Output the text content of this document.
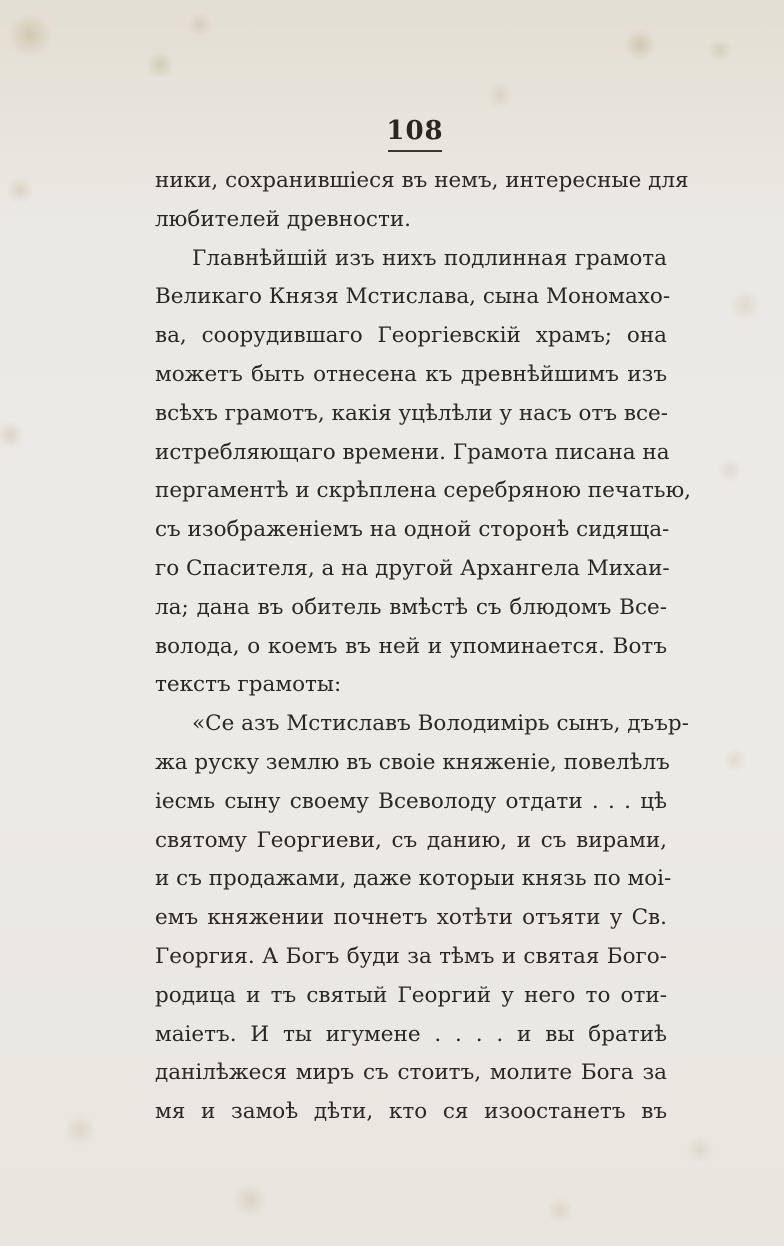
108
ники, сохранившіеся въ немъ, интересные для
любителей древности.
Главнѣйшій изъ нихъ подлинная грамота
Великаго Князя Мстислава, сына Мономахо-
ва, соорудившаго Георгіевскій храмъ; она
можетъ быть отнесена къ древнѣйшимъ изъ
всѣхъ грамотъ, какія уцѣлѣли у насъ отъ все-
истребляющаго времени. Грамота писана на
пергаментѣ и скрѣплена серебряною печатью,
съ изображеніемъ на одной сторонѣ сидяща-
го Спасителя, а на другой Архангела Михаи-
ла; дана въ обитель вмѣстѣ съ блюдомъ Все-
волода, о коемъ въ ней и упоминается. Вотъ
текстъ грамоты:
«Се азъ Мстиславъ Володимірь сынъ, дъър-
жа руску землю въ своіе княженіе, повелѣлъ
іесмь сыну своему Всеволоду отдати . . . цѣ
святому Георгиеви, съ данию, и съ вирами,
и съ продажами, даже которыи князь по моі-
емъ княжении почнетъ хотѣти отъяти у Св.
Георгия. А Богъ буди за тѣмъ и святая Бого-
родица и тъ святый Георгий у него то оти-
маіетъ. И ты игумене . . . . и вы братиѣ
данілѣжеся миръ съ стоитъ, молите Бога за
мя и замоѣ дѣти, кто ся изоостанетъ въ
